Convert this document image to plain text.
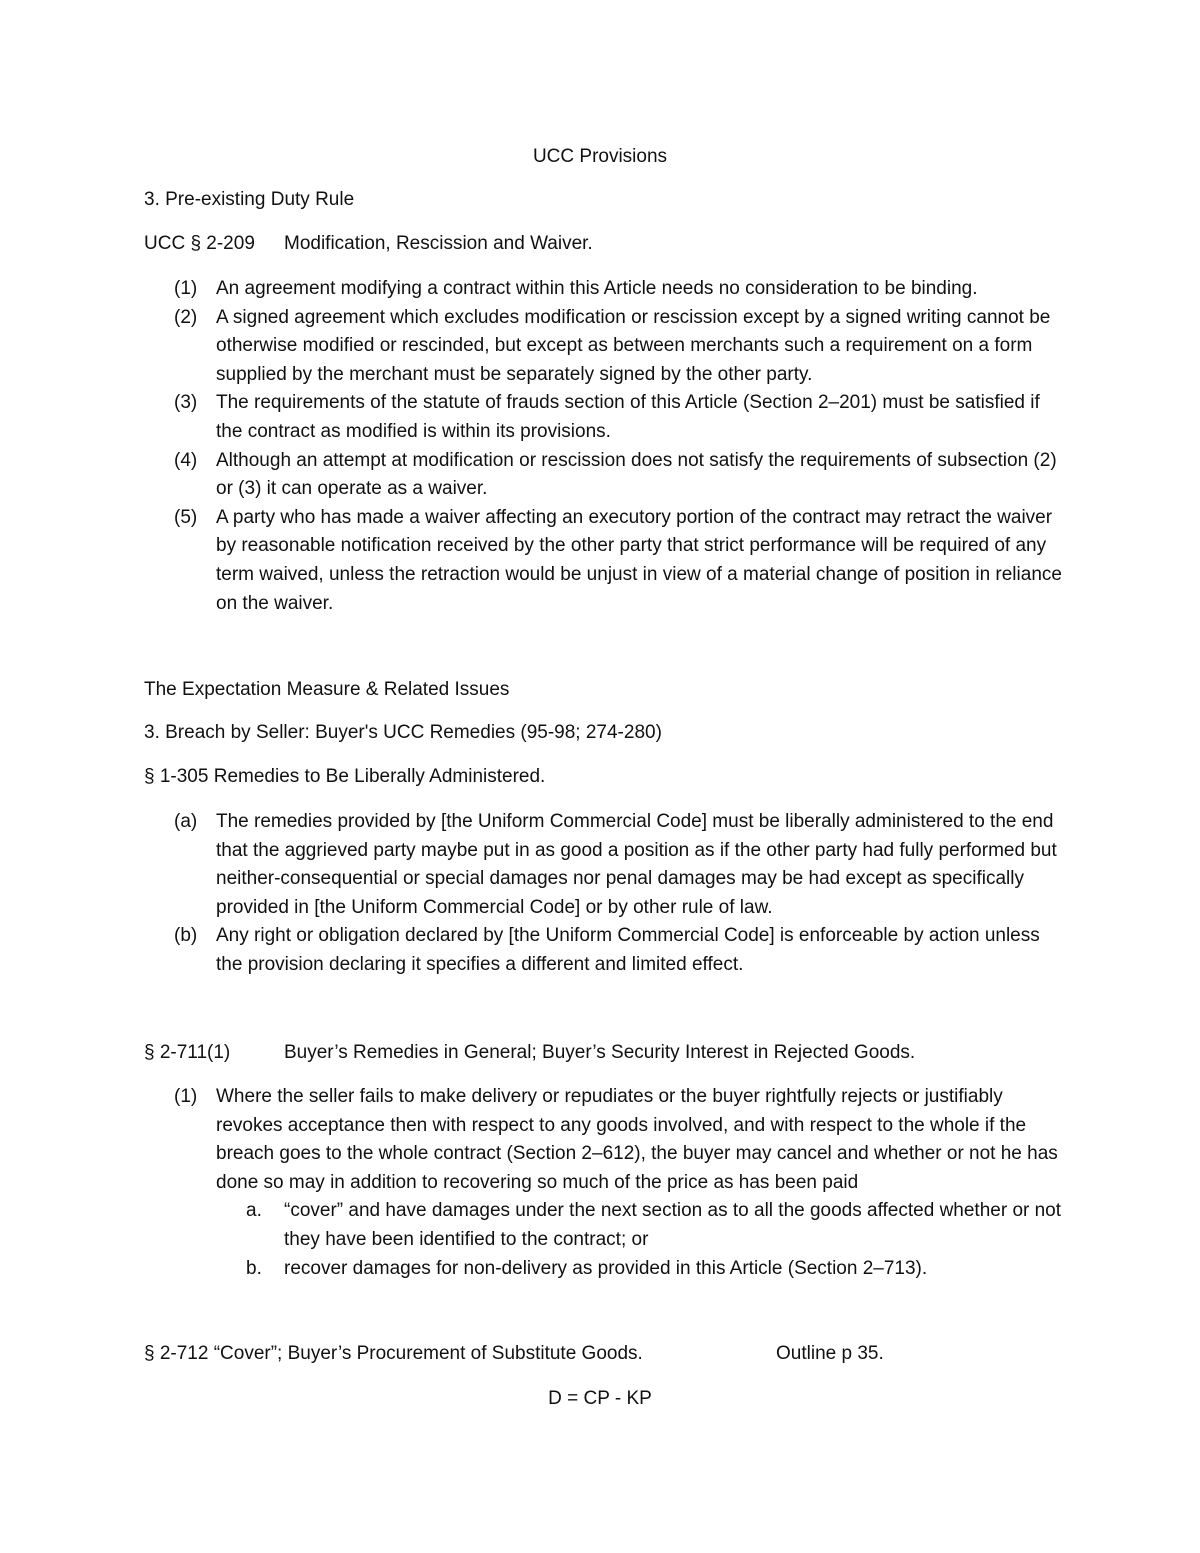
UCC Provisions
3. Pre-existing Duty Rule
UCC § 2-209 Modification, Rescission and Waiver.
(1) An agreement modifying a contract within this Article needs no consideration to be binding.
(2) A signed agreement which excludes modification or rescission except by a signed writing cannot be otherwise modified or rescinded, but except as between merchants such a requirement on a form supplied by the merchant must be separately signed by the other party.
(3) The requirements of the statute of frauds section of this Article (Section 2–201) must be satisfied if the contract as modified is within its provisions.
(4) Although an attempt at modification or rescission does not satisfy the requirements of subsection (2) or (3) it can operate as a waiver.
(5) A party who has made a waiver affecting an executory portion of the contract may retract the waiver by reasonable notification received by the other party that strict performance will be required of any term waived, unless the retraction would be unjust in view of a material change of position in reliance on the waiver.
The Expectation Measure & Related Issues
3. Breach by Seller: Buyer's UCC Remedies (95-98; 274-280)
§ 1-305 Remedies to Be Liberally Administered.
(a) The remedies provided by [the Uniform Commercial Code] must be liberally administered to the end that the aggrieved party maybe put in as good a position as if the other party had fully performed but neither-consequential or special damages nor penal damages may be had except as specifically provided in [the Uniform Commercial Code] or by other rule of law.
(b) Any right or obligation declared by [the Uniform Commercial Code] is enforceable by action unless the provision declaring it specifies a different and limited effect.
§ 2-711(1)	Buyer’s Remedies in General; Buyer’s Security Interest in Rejected Goods.
(1) Where the seller fails to make delivery or repudiates or the buyer rightfully rejects or justifiably revokes acceptance then with respect to any goods involved, and with respect to the whole if the breach goes to the whole contract (Section 2–612), the buyer may cancel and whether or not he has done so may in addition to recovering so much of the price as has been paid
a. “cover” and have damages under the next section as to all the goods affected whether or not they have been identified to the contract; or
b. recover damages for non-delivery as provided in this Article (Section 2–713).
§ 2-712 “Cover”; Buyer’s Procurement of Substitute Goods.	Outline p 35.
D = CP - KP
